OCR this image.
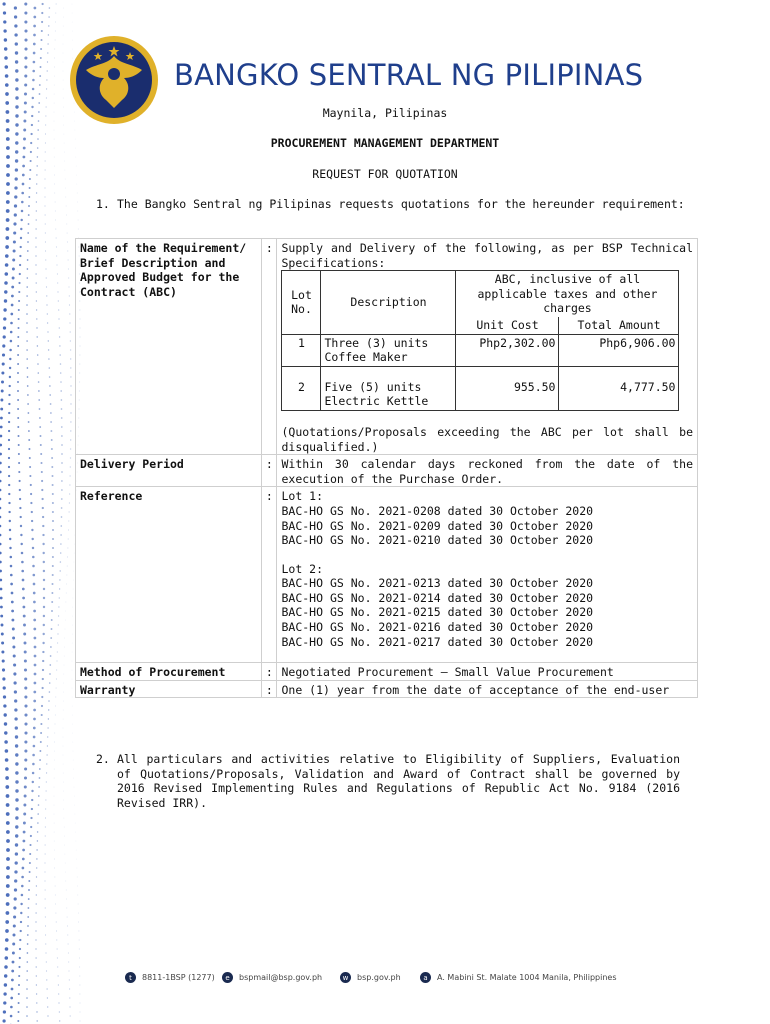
BANGKO SENTRAL NG PILIPINAS
Maynila, Pilipinas
PROCUREMENT MANAGEMENT DEPARTMENT
REQUEST FOR QUOTATION
1. The Bangko Sentral ng Pilipinas requests quotations for the hereunder requirement:
Name of the Requirement/ Brief Description and Approved Budget for the Contract (ABC)	:	Supply and Delivery of the following, as per BSP Technical Specifications:
Lot No.	Description	ABC, inclusive of all applicable taxes and other charges
Unit Cost	Total Amount
1	Three (3) units Coffee Maker	Php2,302.00	Php6,906.00
2	Five (5) units Electric Kettle	955.50	4,777.50
(Quotations/Proposals exceeding the ABC per lot shall be disqualified.)

Delivery Period	:	Within 30 calendar days reckoned from the date of the execution of the Purchase Order.
Reference	:	Lot 1:
BAC-HO GS No. 2021-0208 dated 30 October 2020
BAC-HO GS No. 2021-0209 dated 30 October 2020
BAC-HO GS No. 2021-0210 dated 30 October 2020
Lot 2:
BAC-HO GS No. 2021-0213 dated 30 October 2020
BAC-HO GS No. 2021-0214 dated 30 October 2020
BAC-HO GS No. 2021-0215 dated 30 October 2020
BAC-HO GS No. 2021-0216 dated 30 October 2020
BAC-HO GS No. 2021-0217 dated 30 October 2020

Method of Procurement	:	Negotiated Procurement – Small Value Procurement
Warranty	:	One (1) year from the date of acceptance of the end-user
2. All particulars and activities relative to Eligibility of Suppliers, Evaluation of Quotations/Proposals, Validation and Award of Contract shall be governed by 2016 Revised Implementing Rules and Regulations of Republic Act No. 9184 (2016 Revised IRR).
t	8811-1BSP (1277)	e	bspmail@bsp.gov.ph	w	bsp.gov.ph	a	A. Mabini St. Malate 1004 Manila, Philippines
